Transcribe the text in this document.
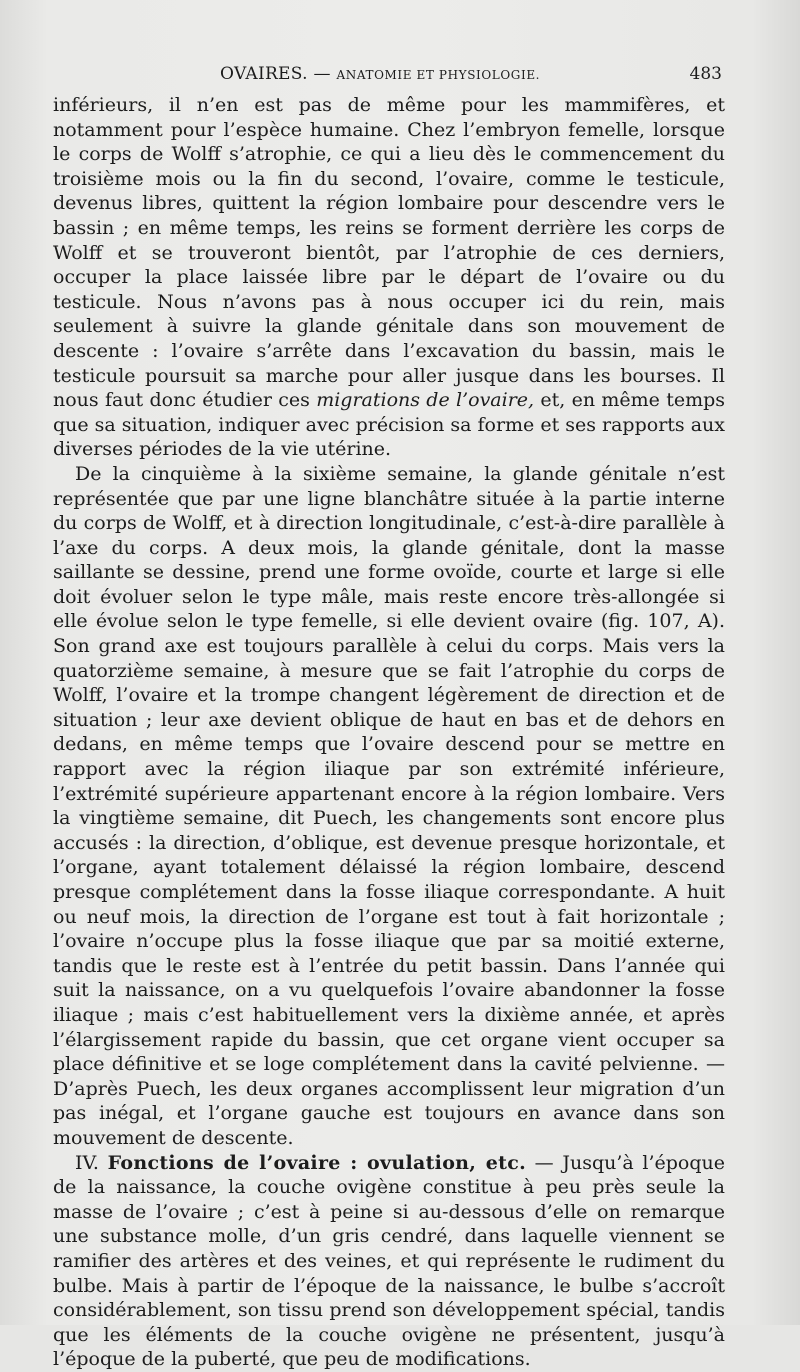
OVAIRES. — ANATOMIE ET PHYSIOLOGIE.	483

inférieurs, il n’en est pas de même pour les mammifères, et notamment pour l’espèce humaine. Chez l’embryon femelle, lorsque le corps de Wolff s’atrophie, ce qui a lieu dès le commencement du troisième mois ou la fin du second, l’ovaire, comme le testicule, devenus libres, quittent la région lombaire pour descendre vers le bassin ; en même temps, les reins se forment derrière les corps de Wolff et se trouveront bientôt, par l’atrophie de ces derniers, occuper la place laissée libre par le départ de l’ovaire ou du testicule. Nous n’avons pas à nous occuper ici du rein, mais seulement à suivre la glande génitale dans son mouvement de descente : l’ovaire s’arrête dans l’excavation du bassin, mais le testicule poursuit sa marche pour aller jusque dans les bourses. Il nous faut donc étudier ces migrations de l’ovaire, et, en même temps que sa situation, indiquer avec précision sa forme et ses rapports aux diverses périodes de la vie utérine.

De la cinquième à la sixième semaine, la glande génitale n’est représentée que par une ligne blanchâtre située à la partie interne du corps de Wolff, et à direction longitudinale, c’est-à-dire parallèle à l’axe du corps. A deux mois, la glande génitale, dont la masse saillante se dessine, prend une forme ovoïde, courte et large si elle doit évoluer selon le type mâle, mais reste encore très-allongée si elle évolue selon le type femelle, si elle devient ovaire (fig. 107, A). Son grand axe est toujours parallèle à celui du corps. Mais vers la quatorzième semaine, à mesure que se fait l’atrophie du corps de Wolff, l’ovaire et la trompe changent légèrement de direction et de situation ; leur axe devient oblique de haut en bas et de dehors en dedans, en même temps que l’ovaire descend pour se mettre en rapport avec la région iliaque par son extrémité inférieure, l’extrémité supérieure appartenant encore à la région lombaire. Vers la vingtième semaine, dit Puech, les changements sont encore plus accusés : la direction, d’oblique, est devenue presque horizontale, et l’organe, ayant totalement délaissé la région lombaire, descend presque complétement dans la fosse iliaque correspondante. A huit ou neuf mois, la direction de l’organe est tout à fait horizontale ; l’ovaire n’occupe plus la fosse iliaque que par sa moitié externe, tandis que le reste est à l’entrée du petit bassin. Dans l’année qui suit la naissance, on a vu quelquefois l’ovaire abandonner la fosse iliaque ; mais c’est habituellement vers la dixième année, et après l’élargissement rapide du bassin, que cet organe vient occuper sa place définitive et se loge complétement dans la cavité pelvienne. — D’après Puech, les deux organes accomplissent leur migration d’un pas inégal, et l’organe gauche est toujours en avance dans son mouvement de descente.

IV. Fonctions de l’ovaire : ovulation, etc. — Jusqu’à l’époque de la naissance, la couche ovigène constitue à peu près seule la masse de l’ovaire ; c’est à peine si au-dessous d’elle on remarque une substance molle, d’un gris cendré, dans laquelle viennent se ramifier des artères et des veines, et qui représente le rudiment du bulbe. Mais à partir de l’époque de la naissance, le bulbe s’accroît considérablement, son tissu prend son développement spécial, tandis que les éléments de la couche ovigène ne présentent, jusqu’à l’époque de la puberté, que peu de modifications.
